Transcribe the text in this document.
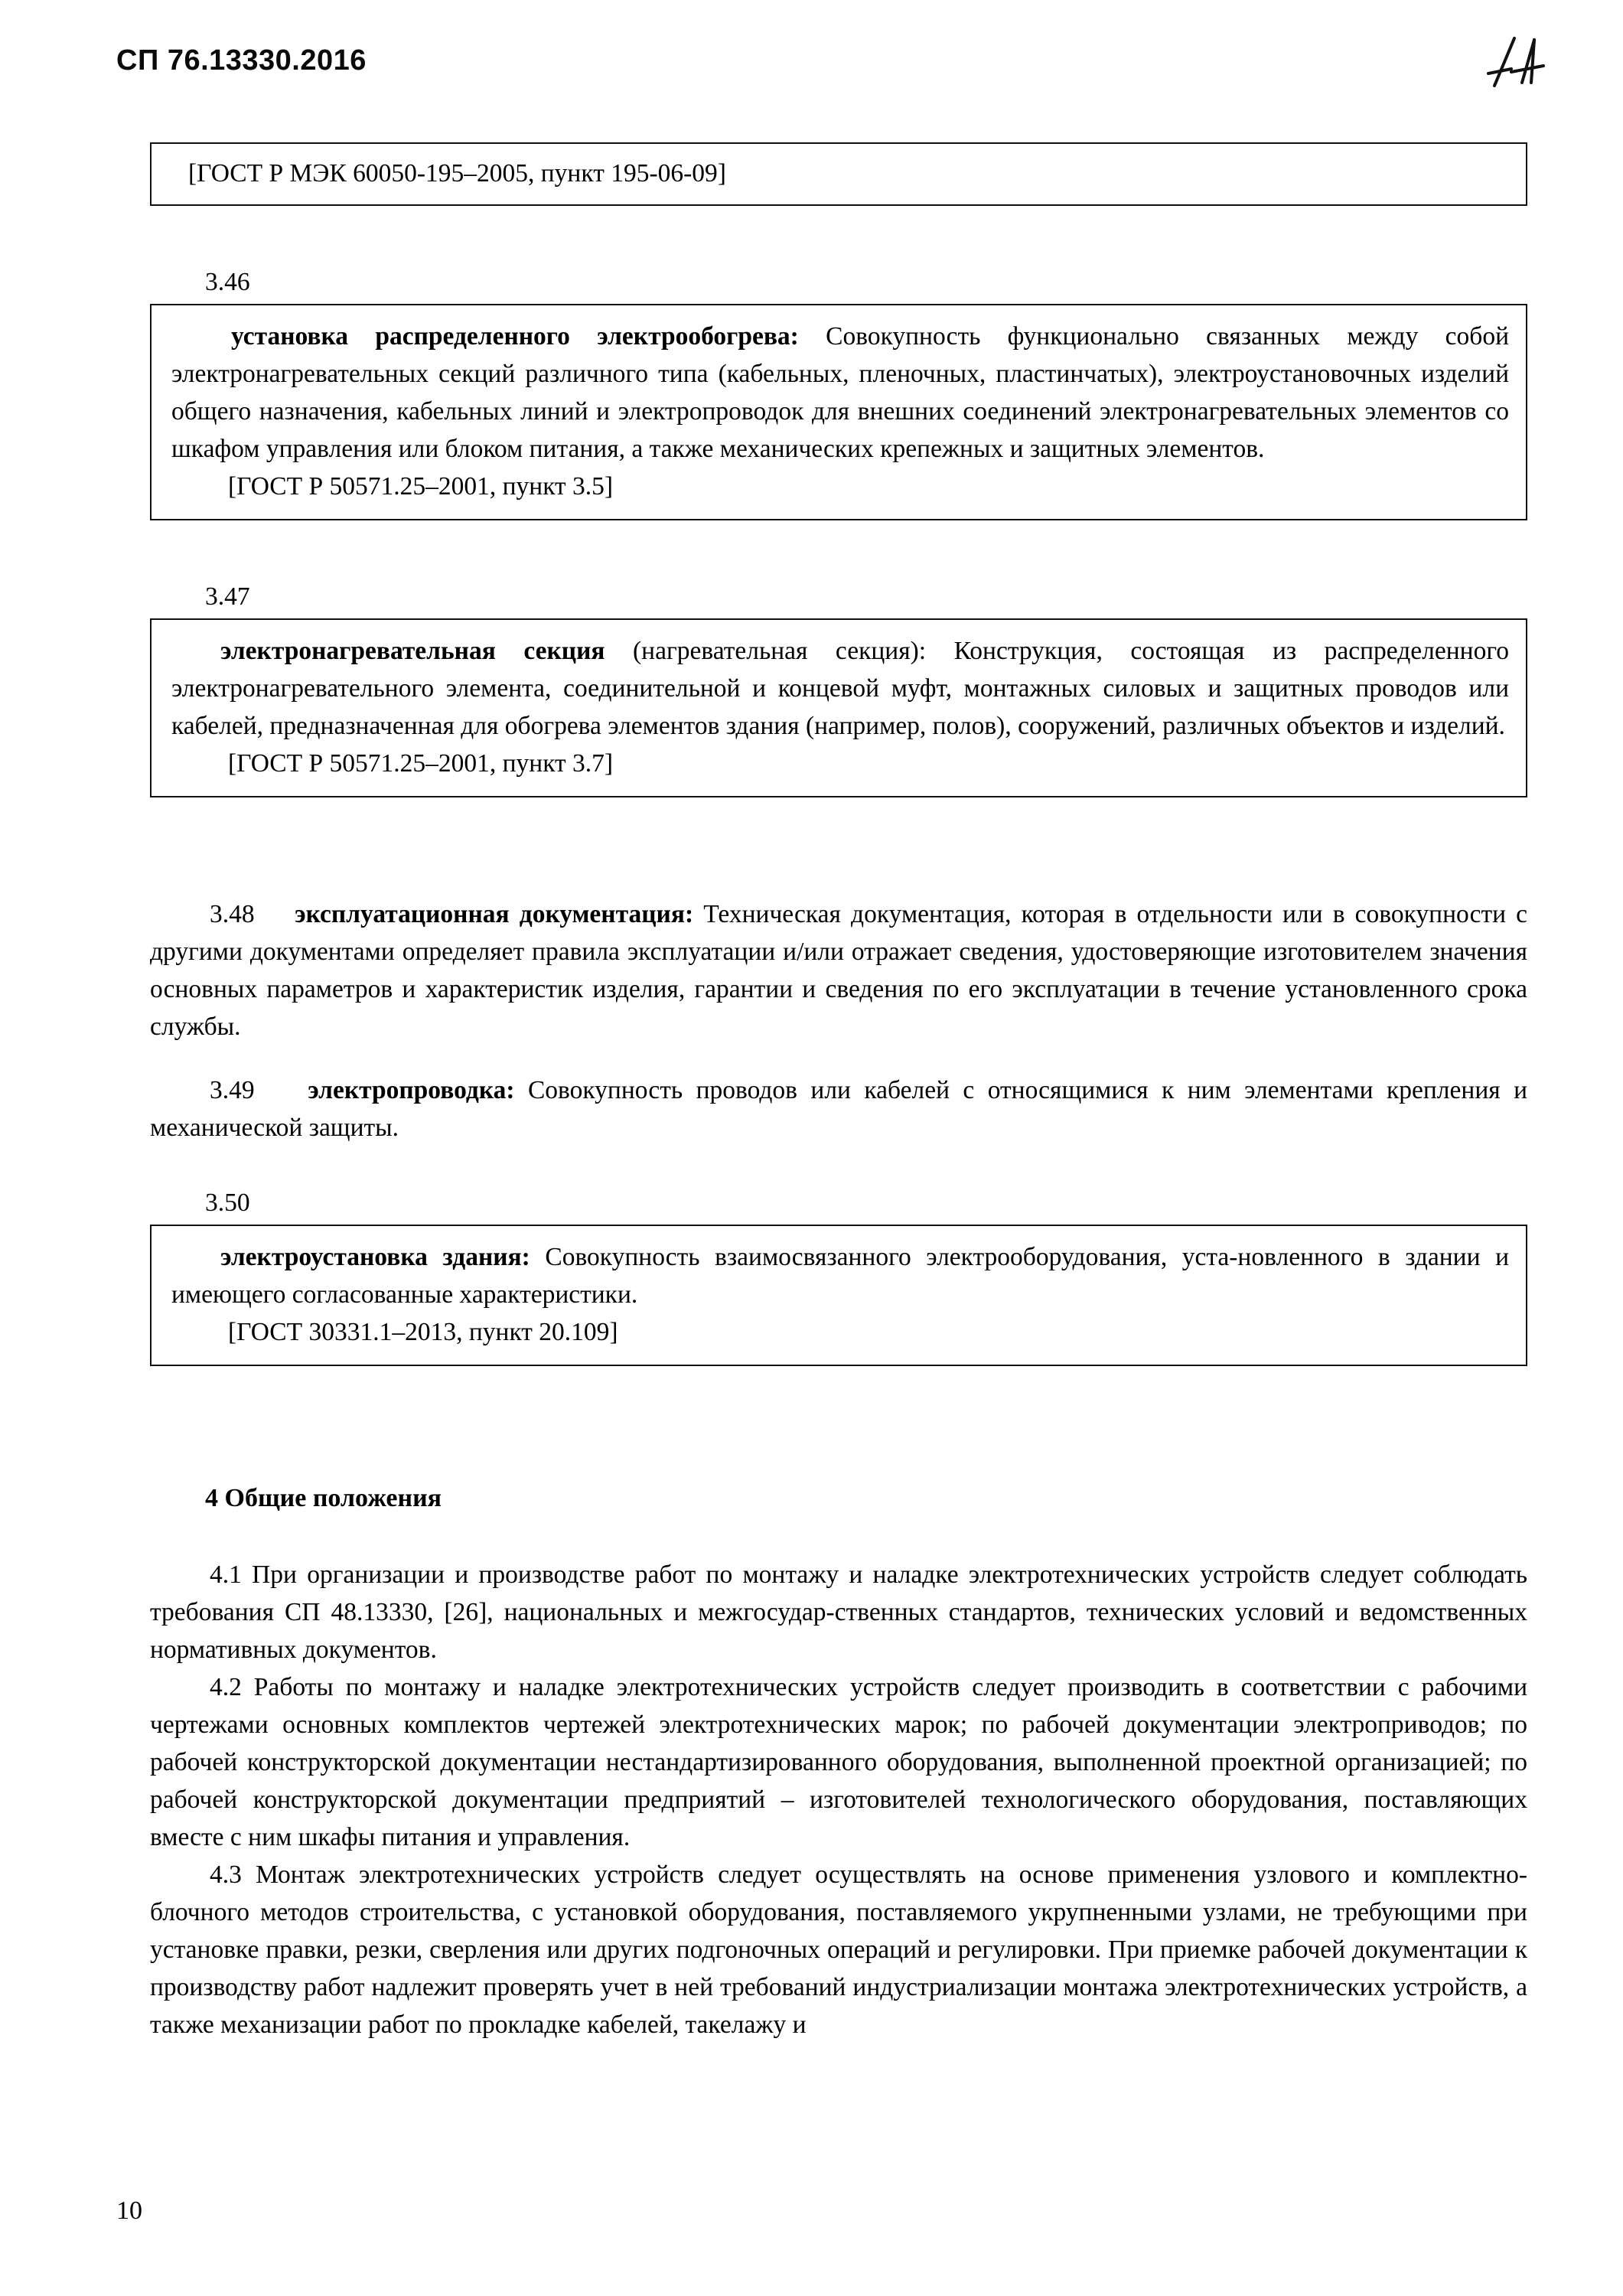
СП 76.13330.2016

[ГОСТ Р МЭК 60050-195–2005, пункт 195-06-09]

3.46

установка распределенного электрообогрева: Совокупность функционально связанных между собой электронагревательных секций различного типа (кабельных, пленочных, пластинчатых), электроустановочных изделий общего назначения, кабельных линий и электропроводок для внешних соединений электронагревательных элементов со шкафом управления или блоком питания, а также механических крепежных и защитных элементов.

[ГОСТ Р 50571.25–2001, пункт 3.5]

3.47

электронагревательная секция (нагревательная секция): Конструкция, состоящая из распределенного электронагревательного элемента, соединительной и концевой муфт, монтажных силовых и защитных проводов или кабелей, предназначенная для обогрева элементов здания (например, полов), сооружений, различных объектов и изделий.

[ГОСТ Р 50571.25–2001, пункт 3.7]

3.48 эксплуатационная документация: Техническая документация, которая в отдельности или в совокупности с другими документами определяет правила эксплуатации и/или отражает сведения, удостоверяющие изготовителем значения основных параметров и характеристик изделия, гарантии и сведения по его эксплуатации в течение установленного срока службы.

3.49 электропроводка: Совокупность проводов или кабелей с относящимися к ним элементами крепления и механической защиты.

3.50

электроустановка здания: Совокупность взаимосвязанного электрооборудования, уста-новленного в здании и имеющего согласованные характеристики.

[ГОСТ 30331.1–2013, пункт 20.109]

4 Общие положения

4.1 При организации и производстве работ по монтажу и наладке электротехнических устройств следует соблюдать требования СП 48.13330, [26], национальных и межгосудар-ственных стандартов, технических условий и ведомственных нормативных документов.

4.2 Работы по монтажу и наладке электротехнических устройств следует производить в соответствии с рабочими чертежами основных комплектов чертежей электротехнических марок; по рабочей документации электроприводов; по рабочей конструкторской документации нестандартизированного оборудования, выполненной проектной организацией; по рабочей конструкторской документации предприятий – изготовителей технологического оборудования, поставляющих вместе с ним шкафы питания и управления.

4.3 Монтаж электротехнических устройств следует осуществлять на основе применения узлового и комплектно-блочного методов строительства, с установкой оборудования, поставляемого укрупненными узлами, не требующими при установке правки, резки, сверления или других подгоночных операций и регулировки. При приемке рабочей документации к производству работ надлежит проверять учет в ней требований индустриализации монтажа электротехнических устройств, а также механизации работ по прокладке кабелей, такелажу и

10
